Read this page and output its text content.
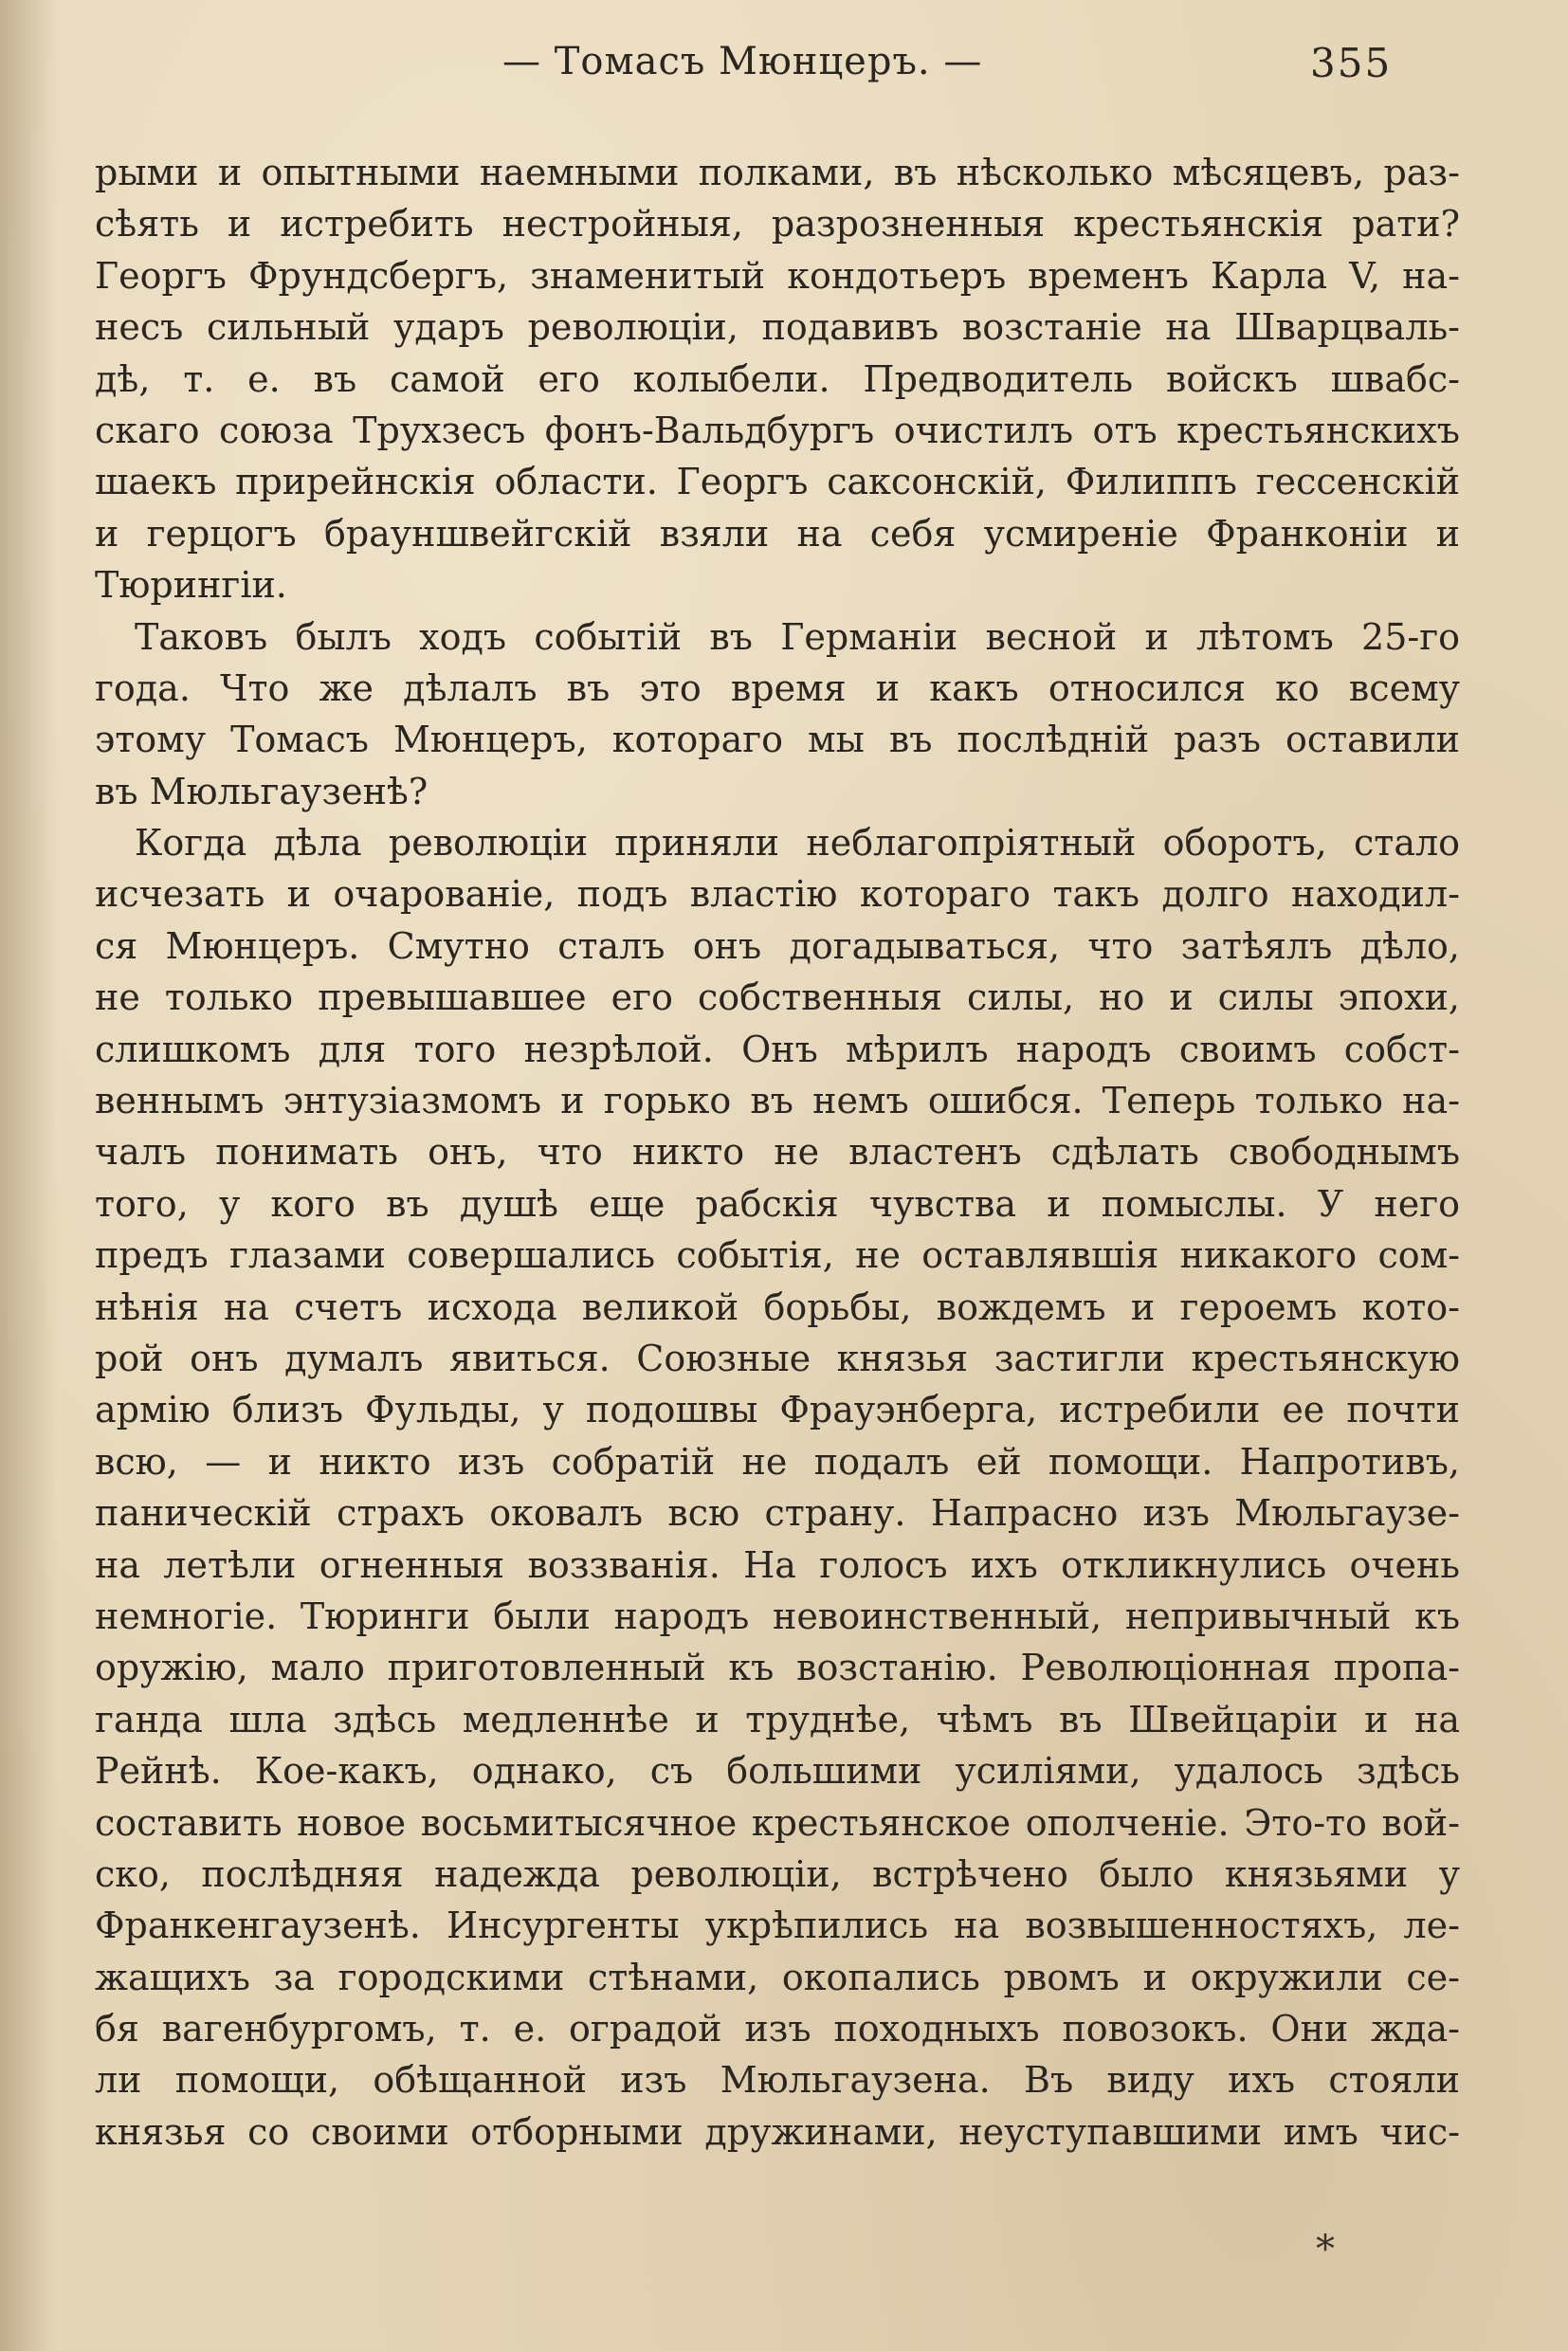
— Томасъ Мюнцеръ. —	355
рыми и опытными наемными полками, въ нѣсколько мѣсяцевъ, раз-
сѣять и истребить нестройныя, разрозненныя крестьянскія рати?
Георгъ Фрундсбергъ, знаменитый кондотьеръ временъ Карла V, на-
несъ сильный ударъ революціи, подавивъ возстаніе на Шварцваль-
дѣ, т. е. въ самой его колыбели. Предводитель войскъ швабс-
скаго союза Трухзесъ фонъ-Вальдбургъ очистилъ отъ крестьянскихъ
шаекъ прирейнскія области. Георгъ саксонскій, Филиппъ гессенскій
и герцогъ брауншвейгскій взяли на себя усмиреніе Франконіи и
Тюрингіи.
Таковъ былъ ходъ событій въ Германіи весной и лѣтомъ 25-го
года. Что же дѣлалъ въ это время и какъ относился ко всему
этому Томасъ Мюнцеръ, котораго мы въ послѣдній разъ оставили
въ Мюльгаузенѣ?
Когда дѣла революціи приняли неблагопріятный оборотъ, стало
исчезать и очарованіе, подъ властію котораго такъ долго находил-
ся Мюнцеръ. Смутно сталъ онъ догадываться, что затѣялъ дѣло,
не только превышавшее его собственныя силы, но и силы эпохи,
слишкомъ для того незрѣлой. Онъ мѣрилъ народъ своимъ собст-
веннымъ энтузіазмомъ и горько въ немъ ошибся. Теперь только на-
чалъ понимать онъ, что никто не властенъ сдѣлать свободнымъ
того, у кого въ душѣ еще рабскія чувства и помыслы. У него
предъ глазами совершались событія, не оставлявшія никакого сом-
нѣнія на счетъ исхода великой борьбы, вождемъ и героемъ кото-
рой онъ думалъ явиться. Союзные князья застигли крестьянскую
армію близъ Фульды, у подошвы Фрауэнберга, истребили ее почти
всю, — и никто изъ собратій не подалъ ей помощи. Напротивъ,
паническій страхъ оковалъ всю страну. Напрасно изъ Мюльгаузе-
на летѣли огненныя воззванія. На голосъ ихъ откликнулись очень
немногіе. Тюринги были народъ невоинственный, непривычный къ
оружію, мало приготовленный къ возстанію. Революціонная пропа-
ганда шла здѣсь медленнѣе и труднѣе, чѣмъ въ Швейцаріи и на
Рейнѣ. Кое-какъ, однако, съ большими усиліями, удалось здѣсь
составить новое восьмитысячное крестьянское ополченіе. Это-то вой-
ско, послѣдняя надежда революціи, встрѣчено было князьями у
Франкенгаузенѣ. Инсургенты укрѣпились на возвышенностяхъ, ле-
жащихъ за городскими стѣнами, окопались рвомъ и окружили се-
бя вагенбургомъ, т. е. оградой изъ походныхъ повозокъ. Они жда-
ли помощи, обѣщанной изъ Мюльгаузена. Въ виду ихъ стояли
князья со своими отборными дружинами, неуступавшими имъ чис-
*
